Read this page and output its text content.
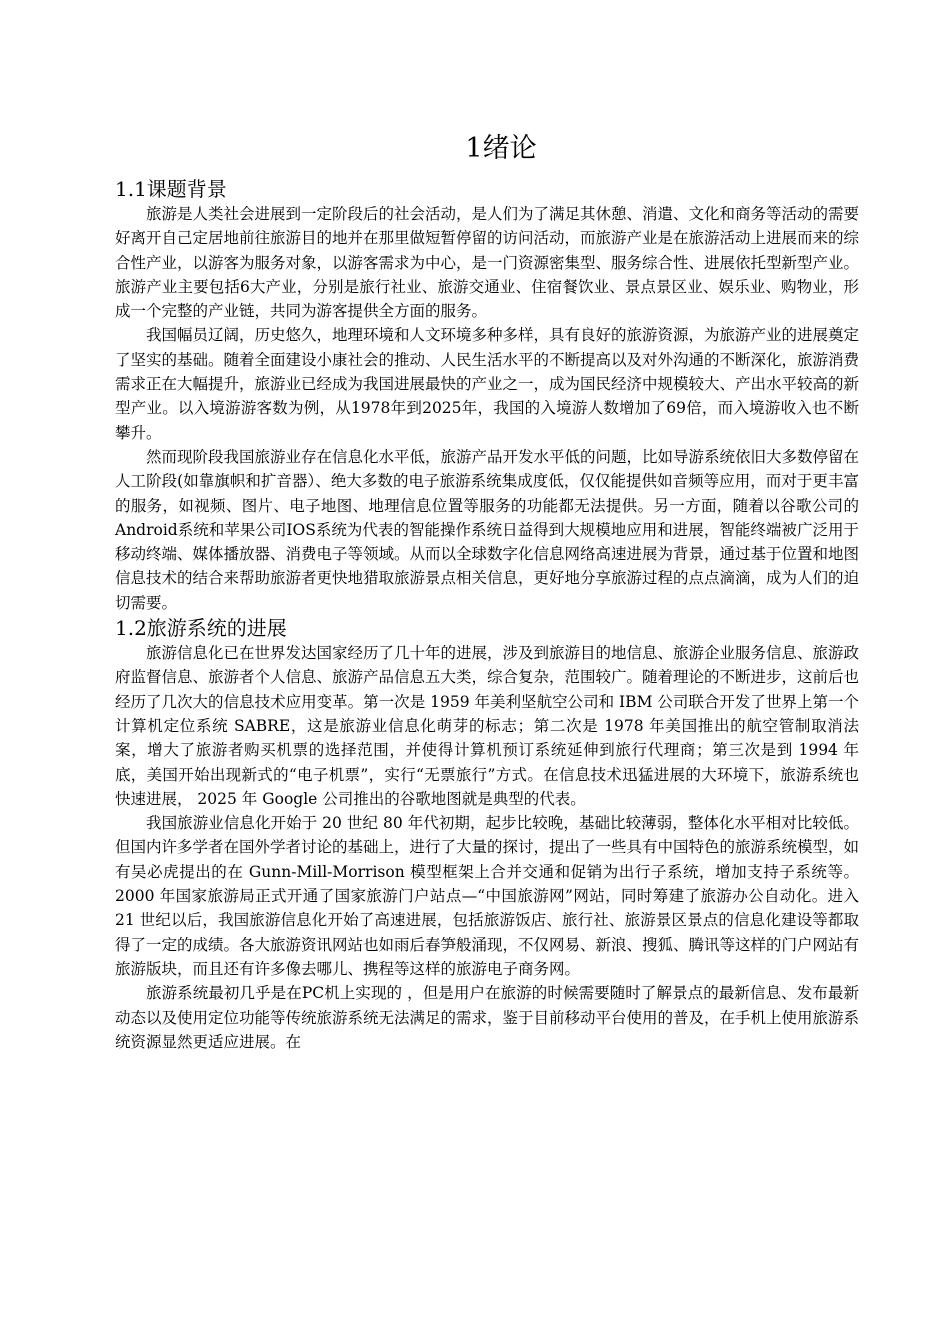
1绪论
1.1课题背景

旅游是人类社会进展到一定阶段后的社会活动，是人们为了满足其休憩、消遣、文化和商务等活动的需要好离开自己定居地前往旅游目的地并在那里做短暂停留的访问活动，而旅游产业是在旅游活动上进展而来的综合性产业，以游客为服务对象，以游客需求为中心，是一门资源密集型、服务综合性、进展依托型新型产业。旅游产业主要包括6大产业，分别是旅行社业、旅游交通业、住宿餐饮业、景点景区业、娱乐业、购物业，形成一个完整的产业链，共同为游客提供全方面的服务。

我国幅员辽阔，历史悠久，地理环境和人文环境多种多样，具有良好的旅游资源，为旅游产业的进展奠定了坚实的基础。随着全面建设小康社会的推动、人民生活水平的不断提高以及对外沟通的不断深化，旅游消费需求正在大幅提升，旅游业已经成为我国进展最快的产业之一，成为国民经济中规模较大、产出水平较高的新型产业。以入境游游客数为例，从1978年到2025年，我国的入境游人数增加了69倍，而入境游收入也不断攀升。

然而现阶段我国旅游业存在信息化水平低，旅游产品开发水平低的问题，比如导游系统依旧大多数停留在人工阶段(如靠旗帜和扩音器）、绝大多数的电子旅游系统集成度低，仅仅能提供如音频等应用，而对于更丰富的服务，如视频、图片、电子地图、地理信息位置等服务的功能都无法提供。另一方面，随着以谷歌公司的Android系统和苹果公司IOS系统为代表的智能操作系统日益得到大规模地应用和进展，智能终端被广泛用于移动终端、媒体播放器、消费电子等领域。从而以全球数字化信息网络高速进展为背景，通过基于位置和地图信息技术的结合来帮助旅游者更快地猎取旅游景点相关信息，更好地分享旅游过程的点点滴滴，成为人们的迫切需要。

1.2旅游系统的进展

旅游信息化已在世界发达国家经历了几十年的进展，涉及到旅游目的地信息、旅游企业服务信息、旅游政府监督信息、旅游者个人信息、旅游产品信息五大类，综合复杂，范围较广。随着理论的不断进步，这前后也经历了几次大的信息技术应用变革。第一次是 1959 年美利坚航空公司和 IBM 公司联合开发了世界上第一个计算机定位系统 SABRE，这是旅游业信息化萌芽的标志；第二次是 1978 年美国推出的航空管制取消法案，增大了旅游者购买机票的选择范围，并使得计算机预订系统延伸到旅行代理商；第三次是到 1994 年底，美国开始出现新式的“电子机票”，实行“无票旅行”方式。在信息技术迅猛进展的大环境下，旅游系统也快速进展， 2025 年 Google 公司推出的谷歌地图就是典型的代表。

我国旅游业信息化开始于 20 世纪 80 年代初期，起步比较晚，基础比较薄弱，整体化水平相对比较低。但国内许多学者在国外学者讨论的基础上，进行了大量的探讨，提出了一些具有中国特色的旅游系统模型，如有吴必虎提出的在 Gunn-Mill-Morrison 模型框架上合并交通和促销为出行子系统，增加支持子系统等。2000 年国家旅游局正式开通了国家旅游门户站点—“中国旅游网”网站，同时筹建了旅游办公自动化。进入 21 世纪以后，我国旅游信息化开始了高速进展，包括旅游饭店、旅行社、旅游景区景点的信息化建设等都取得了一定的成绩。各大旅游资讯网站也如雨后春笋般涌现，不仅网易、新浪、搜狐、腾讯等这样的门户网站有旅游版块，而且还有许多像去哪儿、携程等这样的旅游电子商务网。

旅游系统最初几乎是在PC机上实现的 ，但是用户在旅游的时候需要随时了解景点的最新信息、发布最新动态以及使用定位功能等传统旅游系统无法满足的需求，鉴于目前移动平台使用的普及，在手机上使用旅游系统资源显然更适应进展。在
